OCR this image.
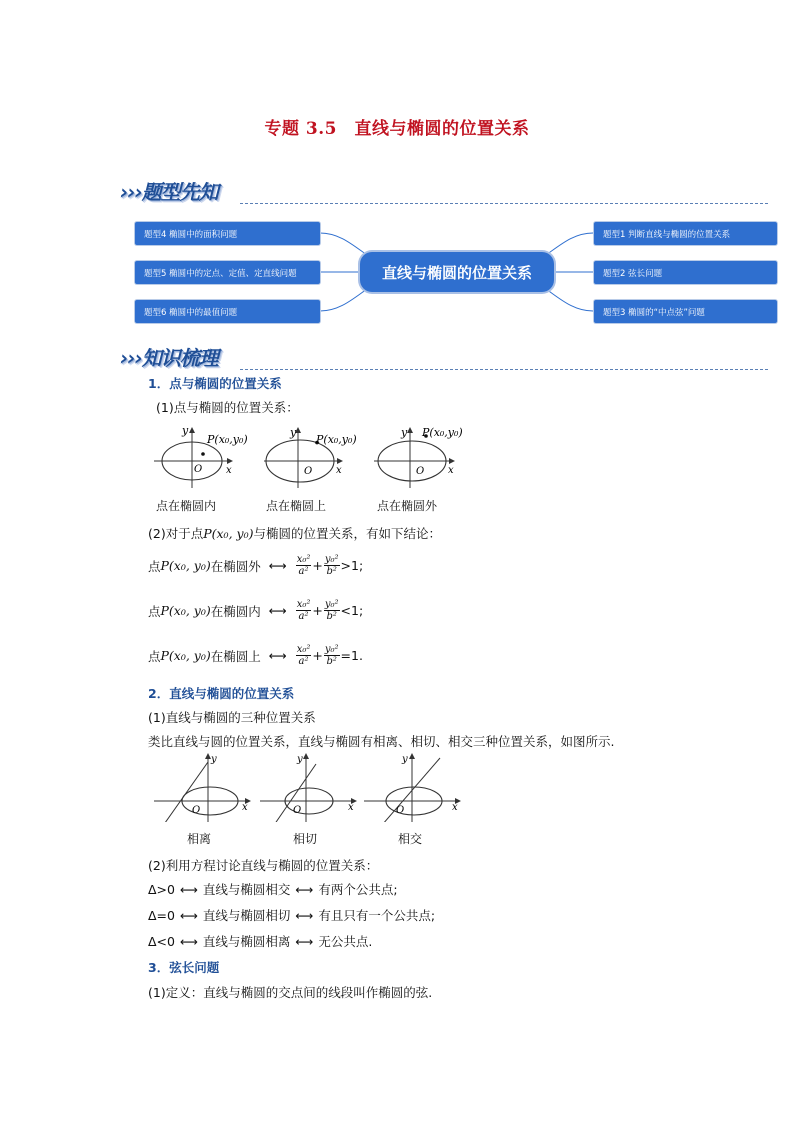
专题 3.5　直线与椭圆的位置关系
›››题型先知
题型4 椭圆中的面积问题
题型5 椭圆中的定点、定值、定直线问题
题型6 椭圆中的最值问题
题型1 判断直线与椭圆的位置关系
题型2 弦长问题
题型3 椭圆的“中点弦”问题
直线与椭圆的位置关系
›››知识梳理
1．点与椭圆的位置关系
(1)点与椭圆的位置关系：
y
P(x₀,y₀)
O x
y
P(x₀,y₀)
O x
y P(x₀,y₀)
O x
点在椭圆内	点在椭圆上	点在椭圆外
(2)对于点P(x₀, y₀)与椭圆的位置关系，有如下结论：
点 P(x₀, y₀) 在椭圆外 ⟷ $\frac{\text{x₀²}}{\text{a²}} + \frac{\text{y₀²}}{\text{b²}} >1$;
点 P(x₀, y₀) 在椭圆内 ⟷ $\frac{\text{x₀²}}{\text{a²}} + \frac{\text{y₀²}}{\text{b²}} <1$;
点 P(x₀, y₀) 在椭圆上 ⟷ $\frac{\text{x₀²}}{\text{a²}} + \frac{\text{y₀²}}{\text{b²}} =1$.
2．直线与椭圆的位置关系
(1)直线与椭圆的三种位置关系
类比直线与圆的位置关系，直线与椭圆有相离、相切、相交三种位置关系，如图所示.
y
O	x
y
O	x
y
O	x
相离	相切	相交
(2)利用方程讨论直线与椭圆的位置关系：
Δ>0 ⟷ 直线与椭圆相交 ⟷ 有两个公共点;
Δ=0 ⟷ 直线与椭圆相切 ⟷ 有且只有一个公共点;
Δ<0 ⟷ 直线与椭圆相离 ⟷ 无公共点.
3．弦长问题
(1)定义：直线与椭圆的交点间的线段叫作椭圆的弦.
